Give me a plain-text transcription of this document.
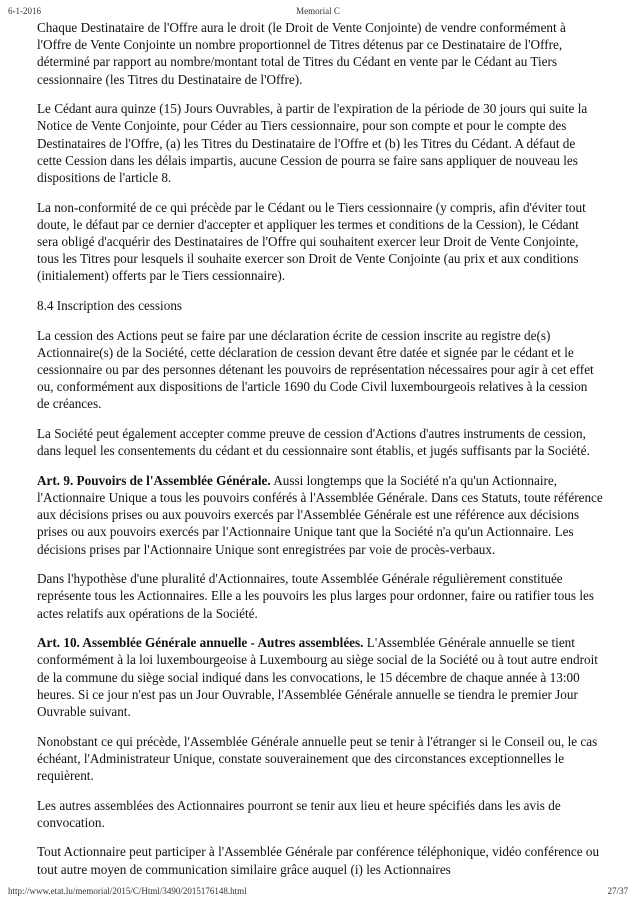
6-1-2016	Memorial C

Chaque Destinataire de l'Offre aura le droit (le Droit de Vente Conjointe) de vendre conformément à l'Offre de Vente Conjointe un nombre proportionnel de Titres détenus par ce Destinataire de l'Offre, déterminé par rapport au nombre/montant total de Titres du Cédant en vente par le Cédant au Tiers cessionnaire (les Titres du Destinataire de l'Offre).

Le Cédant aura quinze (15) Jours Ouvrables, à partir de l'expiration de la période de 30 jours qui suite la Notice de Vente Conjointe, pour Céder au Tiers cessionnaire, pour son compte et pour le compte des Destinataires de l'Offre, (a) les Titres du Destinataire de l'Offre et (b) les Titres du Cédant. A défaut de cette Cession dans les délais impartis, aucune Cession de pourra se faire sans appliquer de nouveau les dispositions de l'article 8.

La non-conformité de ce qui précède par le Cédant ou le Tiers cessionnaire (y compris, afin d'éviter tout doute, le défaut par ce dernier d'accepter et appliquer les termes et conditions de la Cession), le Cédant sera obligé d'acquérir des Destinataires de l'Offre qui souhaitent exercer leur Droit de Vente Conjointe, tous les Titres pour lesquels il souhaite exercer son Droit de Vente Conjointe (au prix et aux conditions (initialement) offerts par le Tiers cessionnaire).

8.4 Inscription des cessions

La cession des Actions peut se faire par une déclaration écrite de cession inscrite au registre de(s) Actionnaire(s) de la Société, cette déclaration de cession devant être datée et signée par le cédant et le cessionnaire ou par des personnes détenant les pouvoirs de représentation nécessaires pour agir à cet effet ou, conformément aux dispositions de l'article 1690 du Code Civil luxembourgeois relatives à la cession de créances.

La Société peut également accepter comme preuve de cession d'Actions d'autres instruments de cession, dans lequel les consentements du cédant et du cessionnaire sont établis, et jugés suffisants par la Société.

Art. 9. Pouvoirs de l'Assemblée Générale. Aussi longtemps que la Société n'a qu'un Actionnaire, l'Actionnaire Unique a tous les pouvoirs conférés à l'Assemblée Générale. Dans ces Statuts, toute référence aux décisions prises ou aux pouvoirs exercés par l'Assemblée Générale est une référence aux décisions prises ou aux pouvoirs exercés par l'Actionnaire Unique tant que la Société n'a qu'un Actionnaire. Les décisions prises par l'Actionnaire Unique sont enregistrées par voie de procès-verbaux.

Dans l'hypothèse d'une pluralité d'Actionnaires, toute Assemblée Générale régulièrement constituée représente tous les Actionnaires. Elle a les pouvoirs les plus larges pour ordonner, faire ou ratifier tous les actes relatifs aux opérations de la Société.

Art. 10. Assemblée Générale annuelle - Autres assemblées. L'Assemblée Générale annuelle se tient conformément à la loi luxembourgeoise à Luxembourg au siège social de la Société ou à tout autre endroit de la commune du siège social indiqué dans les convocations, le 15 décembre de chaque année à 13:00 heures. Si ce jour n'est pas un Jour Ouvrable, l'Assemblée Générale annuelle se tiendra le premier Jour Ouvrable suivant.

Nonobstant ce qui précède, l'Assemblée Générale annuelle peut se tenir à l'étranger si le Conseil ou, le cas échéant, l'Administrateur Unique, constate souverainement que des circonstances exceptionnelles le requièrent.

Les autres assemblées des Actionnaires pourront se tenir aux lieu et heure spécifiés dans les avis de convocation.

Tout Actionnaire peut participer à l'Assemblée Générale par conférence téléphonique, vidéo conférence ou tout autre moyen de communication similaire grâce auquel (i) les Actionnaires

http://www.etat.lu/memorial/2015/C/Html/3490/2015176148.html	27/37
